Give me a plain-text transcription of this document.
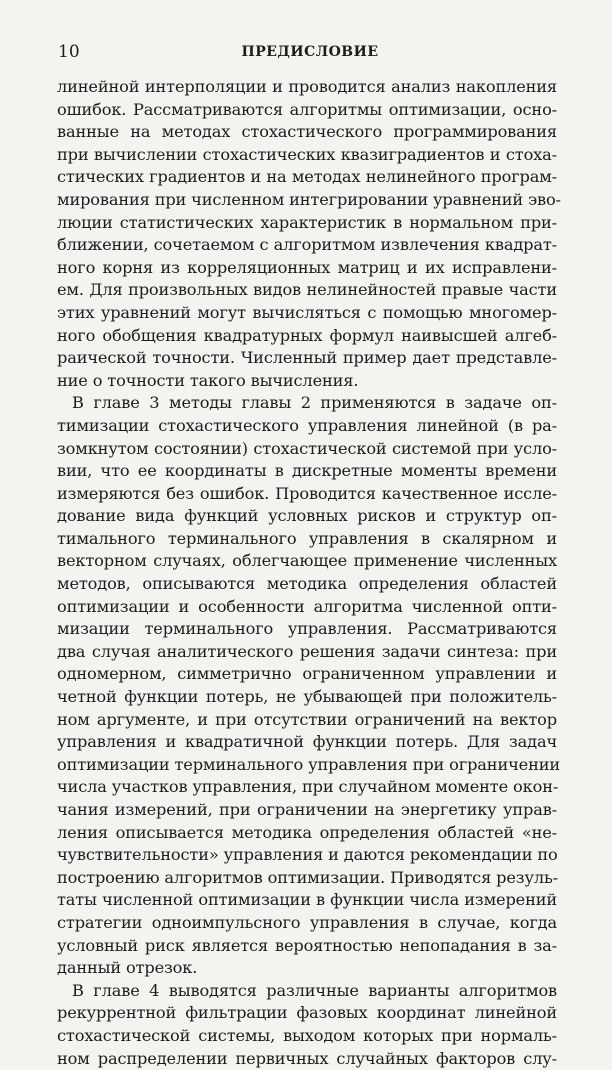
10	ПРЕДИСЛОВИЕ
линейной интерполяции и проводится анализ накопления
ошибок. Рассматриваются алгоритмы оптимизации, осно-
ванные на методах стохастического программирования
при вычислении стохастических квазиградиентов и стоха-
стических градиентов и на методах нелинейного програм-
мирования при численном интегрировании уравнений эво-
люции статистических характеристик в нормальном при-
ближении, сочетаемом с алгоритмом извлечения квадрат-
ного корня из корреляционных матриц и их исправлени-
ем. Для произвольных видов нелинейностей правые части
этих уравнений могут вычисляться с помощью многомер-
ного обобщения квадратурных формул наивысшей алгеб-
раической точности. Численный пример дает представле-
ние о точности такого вычисления.
В главе 3 методы главы 2 применяются в задаче оп-
тимизации стохастического управления линейной (в ра-
зомкнутом состоянии) стохастической системой при усло-
вии, что ее координаты в дискретные моменты времени
измеряются без ошибок. Проводится качественное иссле-
дование вида функций условных рисков и структур оп-
тимального терминального управления в скалярном и
векторном случаях, облегчающее применение численных
методов, описываются методика определения областей
оптимизации и особенности алгоритма численной опти-
мизации терминального управления. Рассматриваются
два случая аналитического решения задачи синтеза: при
одномерном, симметрично ограниченном управлении и
четной функции потерь, не убывающей при положитель-
ном аргументе, и при отсутствии ограничений на вектор
управления и квадратичной функции потерь. Для задач
оптимизации терминального управления при ограничении
числа участков управления, при случайном моменте окон-
чания измерений, при ограничении на энергетику управ-
ления описывается методика определения областей «не-
чувствительности» управления и даются рекомендации по
построению алгоритмов оптимизации. Приводятся резуль-
таты численной оптимизации в функции числа измерений
стратегии одноимпульсного управления в случае, когда
условный риск является вероятностью непопадания в за-
данный отрезок.
В главе 4 выводятся различные варианты алгоритмов
рекуррентной фильтрации фазовых координат линейной
стохастической системы, выходом которых при нормаль-
ном распределении первичных случайных факторов слу-
